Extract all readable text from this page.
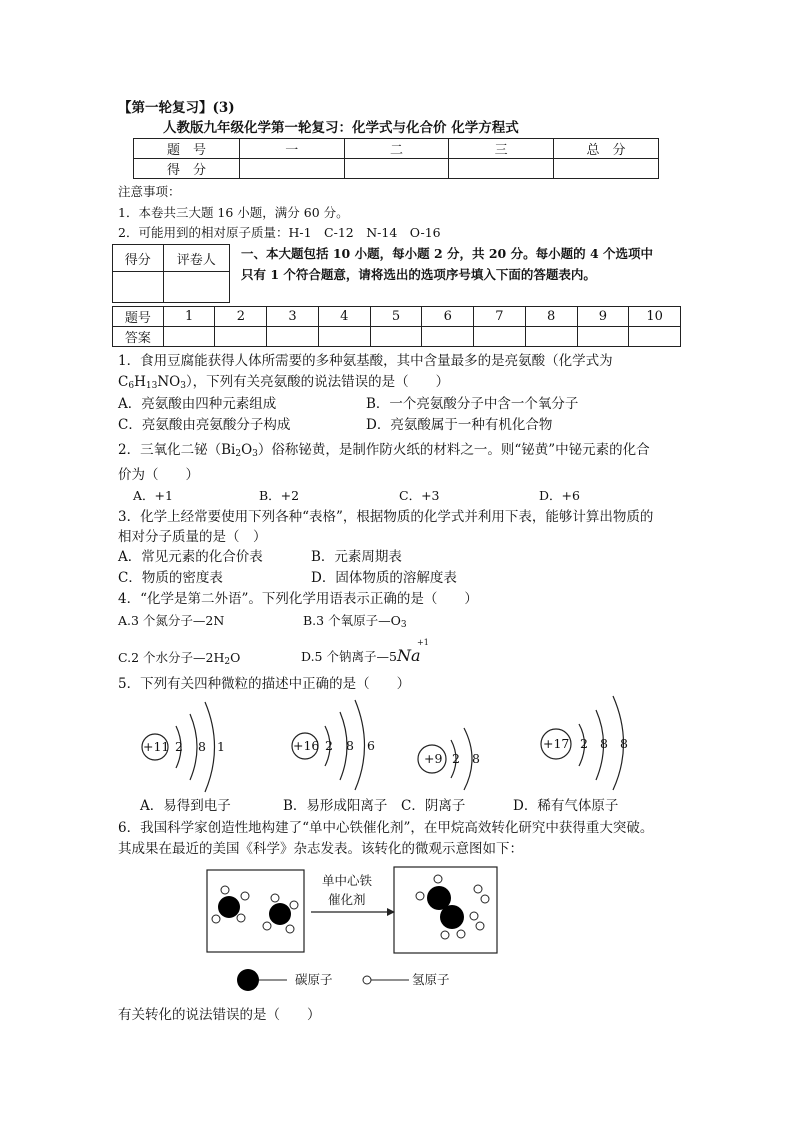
【第一轮复习】(3)
人教版九年级化学第一轮复习：化学式与化合价 化学方程式
题　号	一	二	三	总　分
得　分				
注意事项：
1．本卷共三大题 16 小题，满分 60 分。
2．可能用到的相对原子质量：H-1　C-12　N-14　O-16
得分	评卷人
	一、本大题包括 10 小题，每小题 2 分，共 20 分。每小题的 4 个选项中
只有 1 个符合题意，请将选出的选项序号填入下面的答题表内。
题号	1	2	3	4	5	6	7	8	9	10
答案										
1．食用豆腐能获得人体所需要的多种氨基酸，其中含量最多的是亮氨酸（化学式为
$C_6H_{13}NO_3$），下列有关亮氨酸的说法错误的是（　　）
A．亮氨酸由四种元素组成	B．一个亮氨酸分子中含一个氧分子
C．亮氨酸由亮氨酸分子构成	D．亮氨酸属于一种有机化合物
2．三氧化二铋$(Bi_2O_3)$俗称铋黄，是制作防火纸的材料之一。则“铋黄”中铋元素的化合
价为（　　）
A．+1	B．+2	C．+3	D．+6
3．化学上经常要使用下列各种“表格”，根据物质的化学式并利用下表，能够计算出物质的
相对分子质量的是（　）
A．常见元素的化合价表	B．元素周期表
C．物质的密度表	D．固体物质的溶解度表
4．“化学是第二外语”。下列化学用语表示正确的是（　　）
A.3 个氮分子—2N	B.3 个氧原子$—O_3$
C.2 个水分子$—2H_2O$	D.5 个钠离子—5Na
+1
5．下列有关四种微粒的描述中正确的是（　　）
+11 2 8 1	+16 2 8 6
+9 2 8
+17 2 8 8
A．易得到电子	B．易形成阳离子 C．阴离子	D．稀有气体原子
6．我国科学家创造性地构建了“单中心铁催化剂”，在甲烷高效转化研究中获得重大突破。
其成果在最近的美国《科学》杂志发表。该转化的微观示意图如下：
单中心铁
催化剂
碳原子	氢原子
有关转化的说法错误的是（　　）
